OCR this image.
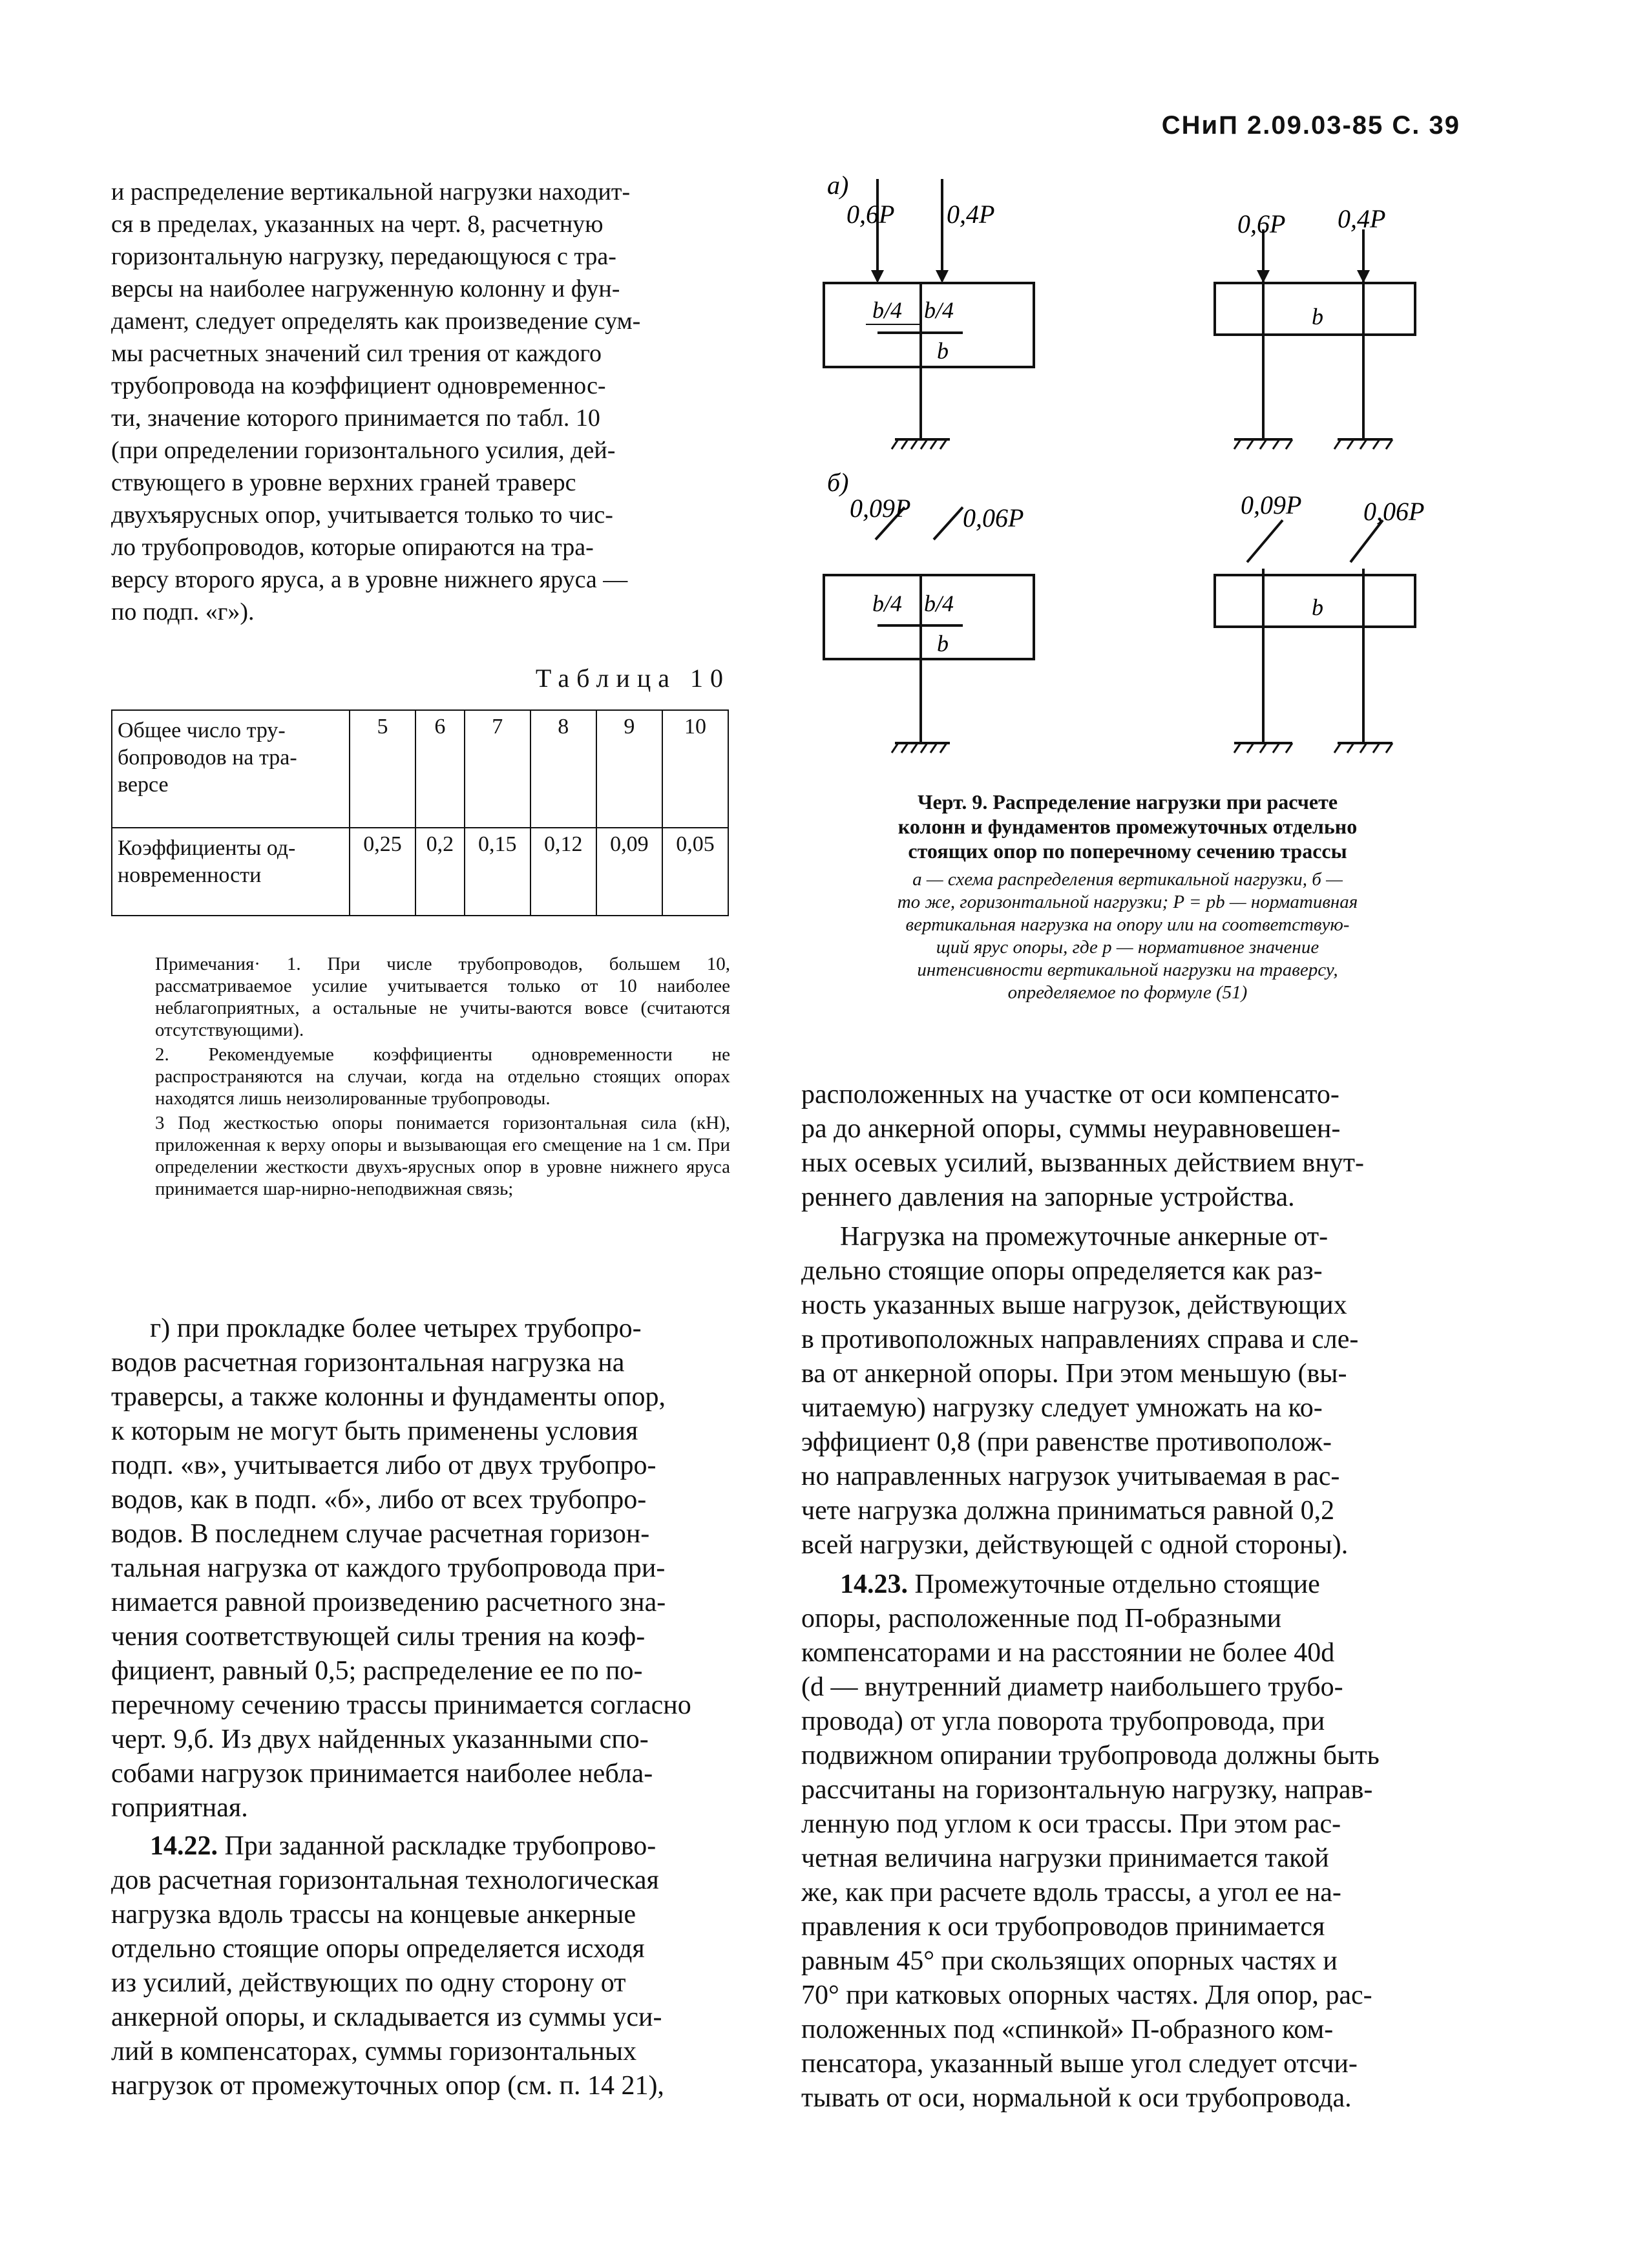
СНиП 2.09.03-85 С. 39

и распределение вертикальной нагрузки находит-
ся в пределах, указанных на черт. 8, расчетную
горизонтальную нагрузку, передающуюся с тра-
версы на наиболее нагруженную колонну и фун-
дамент, следует определять как произведение сум-
мы расчетных значений сил трения от каждого
трубопровода на коэффициент одновременнос-
ти, значение которого принимается по табл. 10
(при определении горизонтального усилия, дей-
ствующего в уровне верхних граней траверс
двухъярусных опор, учитывается только то чис-
ло трубопроводов, которые опираются на тра-
версу второго яруса, а в уровне нижнего яруса —
по подп. «г»).

Таблица 10
Общее число тру-
бопроводов на тра-
версе	5	6	7	8	9	10
Коэффициенты од-
новременности	0,25	0,2	0,15	0,12	0,09	0,05

Примечания· 1. При числе трубопроводов, большем 10, рассматриваемое усилие учитывается только от 10 наиболее неблагоприятных, а остальные не учиты-ваются вовсе (считаются отсутствующими).

2. Рекомендуемые коэффициенты одновременности не распространяются на случаи, когда на отдельно стоящих опорах находятся лишь неизолированные трубопроводы.

3 Под жесткостью опоры понимается горизонтальная сила (кН), приложенная к верху опоры и вызывающая его смещение на 1 см. При определении жесткости двухъ-ярусных опор в уровне нижнего яруса принимается шар-нирно-неподвижная связь;

г) при прокладке более четырех трубопро-
водов расчетная горизонтальная нагрузка на
траверсы, а также колонны и фундаменты опор,
к которым не могут быть применены условия
подп. «в», учитывается либо от двух трубопро-
водов, как в подп. «б», либо от всех трубопро-
водов. В последнем случае расчетная горизон-
тальная нагрузка от каждого трубопровода при-
нимается равной произведению расчетного зна-
чения соответствующей силы трения на коэф-
фициент, равный 0,5; распределение ее по по-
перечному сечению трассы принимается согласно
черт. 9,б. Из двух найденных указанными спо-
собами нагрузок принимается наиболее небла-
гоприятная.

14.22. При заданной раскладке трубопрово-
дов расчетная горизонтальная технологическая
нагрузка вдоль трассы на концевые анкерные
отдельно стоящие опоры определяется исходя
из усилий, действующих по одну сторону от
анкерной опоры, и складывается из суммы уси-
лий в компенсаторах, суммы горизонтальных
нагрузок от промежуточных опор (см. п. 14 21),

а)
0,6P 0,4P	0,6P 0,4P
b/4 b/4
b
b
б)
0,09P 0,06P	0,09P 0,06P
b/4 b/4
b
b
Черт. 9. Распределение нагрузки при расчете
колонн и фундаментов промежуточных отдельно
стоящих опор по поперечному сечению трассы
а — схема распределения вертикальной нагрузки, б —
то же, горизонтальной нагрузки; P = pb — нормативная
вертикальная нагрузка на опору или на соответствую-
щий ярус опоры, где p — нормативное значение
интенсивности вертикальной нагрузки на траверсу,
определяемое по формуле (51)

расположенных на участке от оси компенсато-
ра до анкерной опоры, суммы неуравновешен-
ных осевых усилий, вызванных действием внут-
реннего давления на запорные устройства.

Нагрузка на промежуточные анкерные от-
дельно стоящие опоры определяется как раз-
ность указанных выше нагрузок, действующих
в противоположных направлениях справа и сле-
ва от анкерной опоры. При этом меньшую (вы-
читаемую) нагрузку следует умножать на ко-
эффициент 0,8 (при равенстве противополож-
но направленных нагрузок учитываемая в рас-
чете нагрузка должна приниматься равной 0,2
всей нагрузки, действующей с одной стороны).

14.23. Промежуточные отдельно стоящие
опоры, расположенные под П-образными
компенсаторами и на расстоянии не более 40d
(d — внутренний диаметр наибольшего трубо-
провода) от угла поворота трубопровода, при
подвижном опирании трубопровода должны быть
рассчитаны на горизонтальную нагрузку, направ-
ленную под углом к оси трассы. При этом рас-
четная величина нагрузки принимается такой
же, как при расчете вдоль трассы, а угол ее на-
правления к оси трубопроводов принимается
равным 45° при скользящих опорных частях и
70° при катковых опорных частях. Для опор, рас-
положенных под «спинкой» П-образного ком-
пенсатора, указанный выше угол следует отсчи-
тывать от оси, нормальной к оси трубопровода.
